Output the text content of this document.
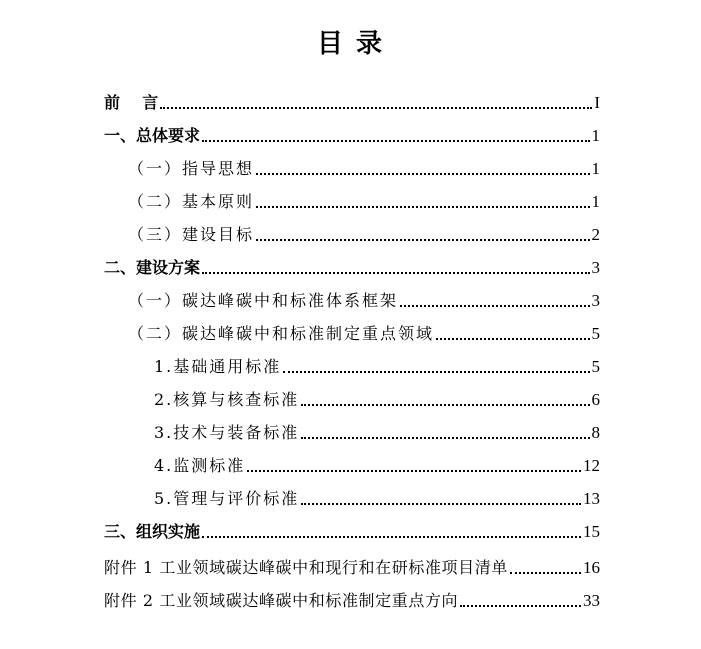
目 录
前    言	I
一、总体要求	1
（一）指导思想	1
（二）基本原则	1
（三）建设目标	2
二、建设方案	3
（一）碳达峰碳中和标准体系框架	3
（二）碳达峰碳中和标准制定重点领域	5
1.基础通用标准	5
2.核算与核查标准	6
3.技术与装备标准	8
4.监测标准	12
5.管理与评价标准	13
三、组织实施	15
附件 1 工业领域碳达峰碳中和现行和在研标准项目清单	16
附件 2 工业领域碳达峰碳中和标准制定重点方向	33
